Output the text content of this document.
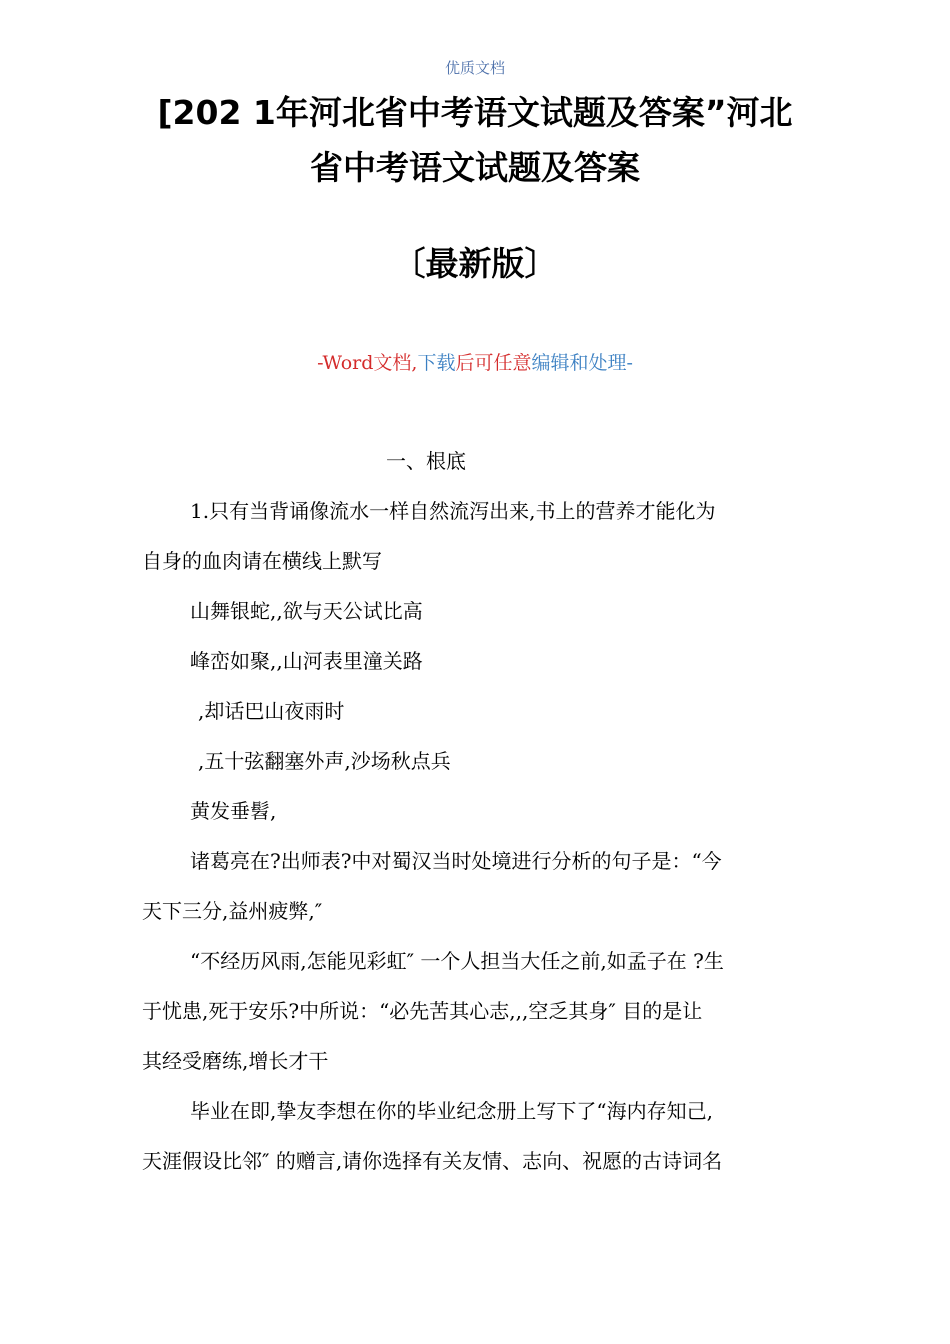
优质文档
[202 1年河北省中考语文试题及答案”河北
省中考语文试题及答案
〔最新版〕
-Word文档,下载后可任意编辑和处理-
一、根底
1.只有当背诵像流水一样自然流泻出来,书上的营养才能化为
自身的血肉请在横线上默写
山舞银蛇,,欲与天公试比高
峰峦如聚,,山河表里潼关路
,却话巴山夜雨时
,五十弦翻塞外声,沙场秋点兵
黄发垂髫,
诸葛亮在?出师表?中对蜀汉当时处境进行分析的句子是：“今
天下三分,益州疲弊,″
“不经历风雨,怎能见彩虹″ 一个人担当大任之前,如孟子在 ?生
于忧患,死于安乐?中所说：“必先苦其心志,,,空乏其身″ 目的是让
其经受磨练,增长才干
毕业在即,挚友李想在你的毕业纪念册上写下了“海内存知己,
天涯假设比邻″ 的赠言,请你选择有关友情、志向、祝愿的古诗词名
